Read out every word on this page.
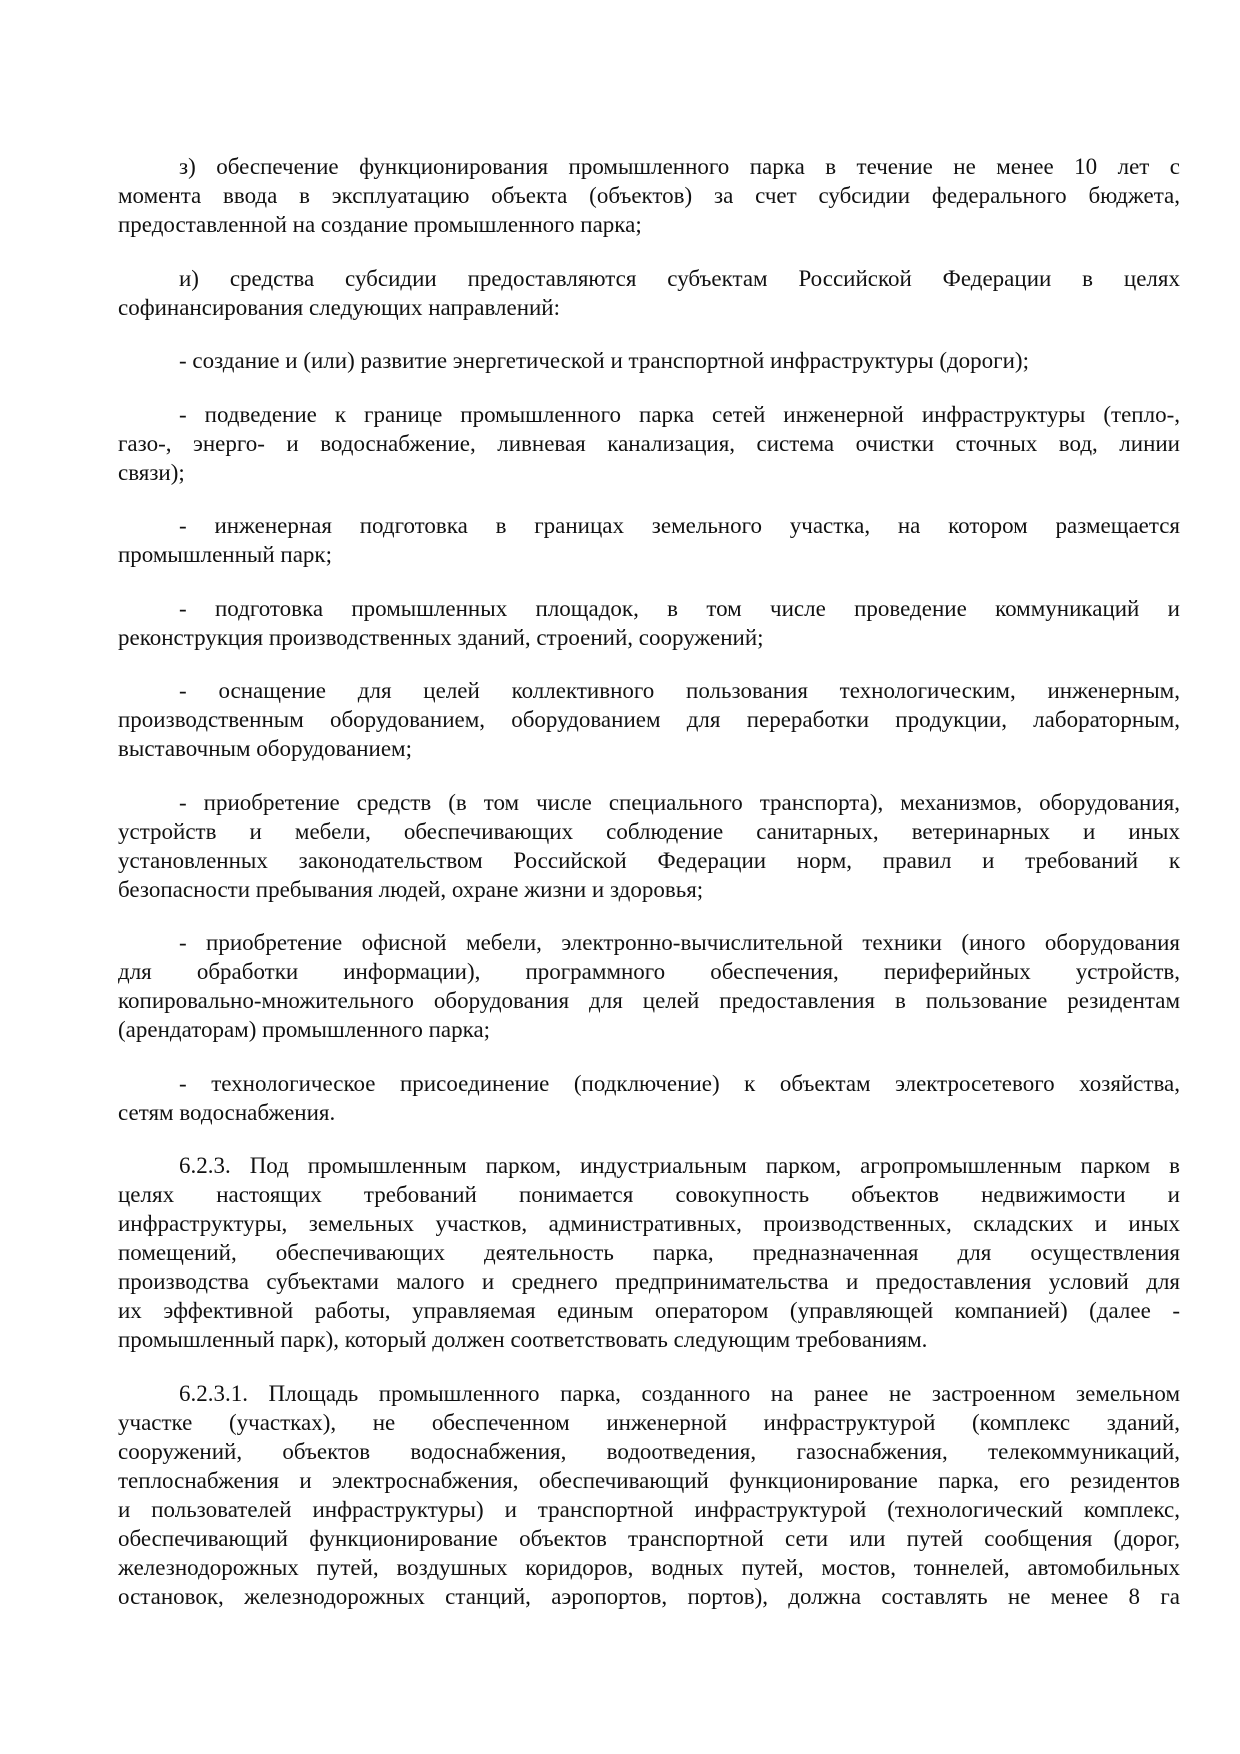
з) обеспечение функционирования промышленного парка в течение не менее 10 лет с
момента ввода в эксплуатацию объекта (объектов) за счет субсидии федерального бюджета,
предоставленной на создание промышленного парка;
и) средства субсидии предоставляются субъектам Российской Федерации в целях
софинансирования следующих направлений:
- создание и (или) развитие энергетической и транспортной инфраструктуры (дороги);
- подведение к границе промышленного парка сетей инженерной инфраструктуры (тепло-,
газо-, энерго- и водоснабжение, ливневая канализация, система очистки сточных вод, линии
связи);
- инженерная подготовка в границах земельного участка, на котором размещается
промышленный парк;
- подготовка промышленных площадок, в том числе проведение коммуникаций и
реконструкция производственных зданий, строений, сооружений;
- оснащение для целей коллективного пользования технологическим, инженерным,
производственным оборудованием, оборудованием для переработки продукции, лабораторным,
выставочным оборудованием;
- приобретение средств (в том числе специального транспорта), механизмов, оборудования,
устройств и мебели, обеспечивающих соблюдение санитарных, ветеринарных и иных
установленных законодательством Российской Федерации норм, правил и требований к
безопасности пребывания людей, охране жизни и здоровья;
- приобретение офисной мебели, электронно-вычислительной техники (иного оборудования
для обработки информации), программного обеспечения, периферийных устройств,
копировально-множительного оборудования для целей предоставления в пользование резидентам
(арендаторам) промышленного парка;
- технологическое присоединение (подключение) к объектам электросетевого хозяйства,
сетям водоснабжения.
6.2.3. Под промышленным парком, индустриальным парком, агропромышленным парком в
целях настоящих требований понимается совокупность объектов недвижимости и
инфраструктуры, земельных участков, административных, производственных, складских и иных
помещений, обеспечивающих деятельность парка, предназначенная для осуществления
производства субъектами малого и среднего предпринимательства и предоставления условий для
их эффективной работы, управляемая единым оператором (управляющей компанией) (далее -
промышленный парк), который должен соответствовать следующим требованиям.
6.2.3.1. Площадь промышленного парка, созданного на ранее не застроенном земельном
участке (участках), не обеспеченном инженерной инфраструктурой (комплекс зданий,
сооружений, объектов водоснабжения, водоотведения, газоснабжения, телекоммуникаций,
теплоснабжения и электроснабжения, обеспечивающий функционирование парка, его резидентов
и пользователей инфраструктуры) и транспортной инфраструктурой (технологический комплекс,
обеспечивающий функционирование объектов транспортной сети или путей сообщения (дорог,
железнодорожных путей, воздушных коридоров, водных путей, мостов, тоннелей, автомобильных
остановок, железнодорожных станций, аэропортов, портов), должна составлять не менее 8 га
